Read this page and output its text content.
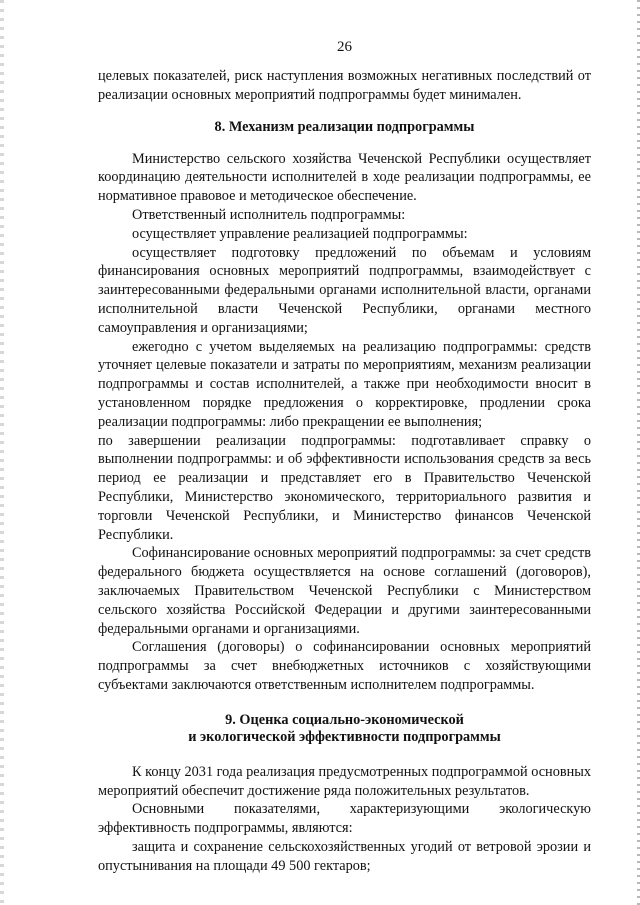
26

целевых показателей, риск наступления возможных негативных последствий от реализации основных мероприятий подпрограммы будет минимален.

8. Механизм реализации подпрограммы

Министерство сельского хозяйства Чеченской Республики осуществляет координацию деятельности исполнителей в ходе реализации подпрограммы, ее нормативное правовое и методическое обеспечение.

Ответственный исполнитель подпрограммы:

осуществляет управление реализацией подпрограммы:

осуществляет подготовку предложений по объемам и условиям финансирования основных мероприятий подпрограммы, взаимодействует с заинтересованными федеральными органами исполнительной власти, органами исполнительной власти Чеченской Республики, органами местного самоуправления и организациями;

ежегодно с учетом выделяемых на реализацию подпрограммы: средств уточняет целевые показатели и затраты по мероприятиям, механизм реализации подпрограммы и состав исполнителей, а также при необходимости вносит в установленном порядке предложения о корректировке, продлении срока реализации подпрограммы: либо прекращении ее выполнения;

по завершении реализации подпрограммы: подготавливает справку о выполнении подпрограммы: и об эффективности использования средств за весь период ее реализации и представляет его в Правительство Чеченской Республики, Министерство экономического, территориального развития и торговли Чеченской Республики, и Министерство финансов Чеченской Республики.

Софинансирование основных мероприятий подпрограммы: за счет средств федерального бюджета осуществляется на основе соглашений (договоров), заключаемых Правительством Чеченской Республики с Министерством сельского хозяйства Российской Федерации и другими заинтересованными федеральными органами и организациями.

Соглашения (договоры) о софинансировании основных мероприятий подпрограммы за счет внебюджетных источников с хозяйствующими субъектами заключаются ответственным исполнителем подпрограммы.

9. Оценка социально-экономической
и экологической эффективности подпрограммы

К концу 2031 года реализация предусмотренных подпрограммой основных мероприятий обеспечит достижение ряда положительных результатов.

Основными показателями, характеризующими экологическую эффективность подпрограммы, являются:

защита и сохранение сельскохозяйственных угодий от ветровой эрозии и опустынивания на площади 49 500 гектаров;
